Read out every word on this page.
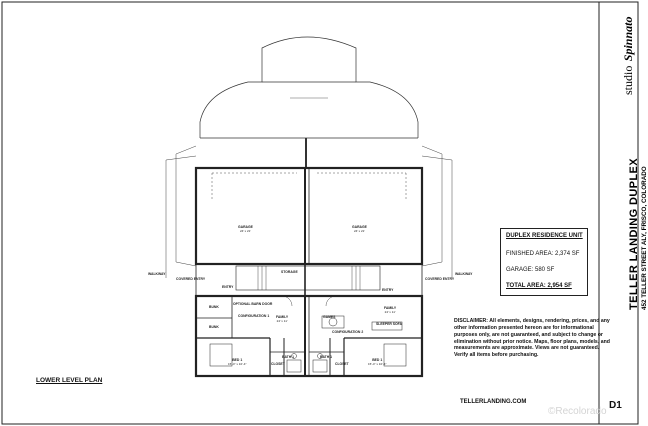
GARAGE
24' x 21'
GARAGE
24' x 21'
STORAGE
ENTRY
ENTRY
COVERED ENTRY	COVERED ENTRY
WALKWAY	WALKWAY
BUNK
BUNK
OPTIONAL BARN DOOR
CONFIGURATION 1 FAMILY
24' x 11'
GAMES
CONFIGURATION 2
FAMILY
24' x 11'
SLEEPER SOFA
BED 1
15'-4" x 10'-4"
BED 1
15'-4" x 10'-4"
BATH 1	BATH 1
CLOSET	CLOSET
LOWER LEVEL PLAN
DUPLEX RESIDENCE UNIT
FINISHED AREA: 2,374 SF
GARAGE: 580 SF
TOTAL AREA: 2,954 SF
DISCLAIMER: All elements, designs, rendering, prices, and any other information presented hereon are for informational purposes only, are not guaranteed, and subject to change or elimination without prior notice. Maps, floor plans, models, and measurements are approximate. Views are not guaranteed. Verify all items before purchasing.
TELLERLANDING.COM	D1
TELLER LANDING DUPLEX 452 TELLER STREET ALY, FRISCO, COLORADO
studio Spinnato
©Recolorado
